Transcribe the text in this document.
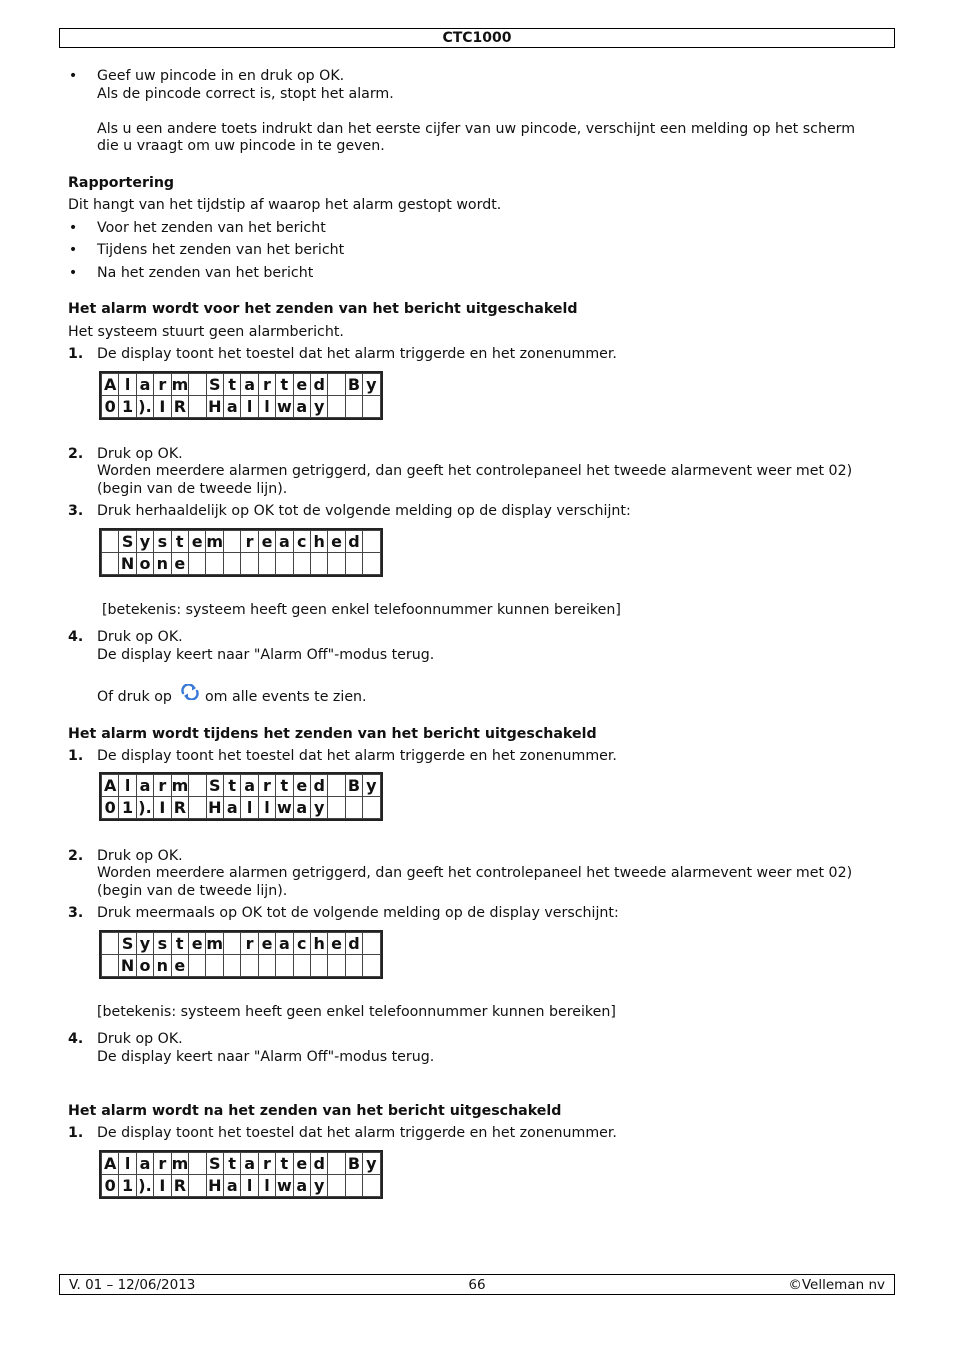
CTC1000
• Geef uw pincode in en druk op OK.
Als de pincode correct is, stopt het alarm.
Als u een andere toets indrukt dan het eerste cijfer van uw pincode, verschijnt een melding op het scherm
die u vraagt om uw pincode in te geven.
Rapportering
Dit hangt van het tijdstip af waarop het alarm gestopt wordt.
• Voor het zenden van het bericht
• Tijdens het zenden van het bericht
• Na het zenden van het bericht
Het alarm wordt voor het zenden van het bericht uitgeschakeld
Het systeem stuurt geen alarmbericht.
1. De display toont het toestel dat het alarm triggerde en het zonenummer.
A	l	a	r	m		S	t	a	r	t	e	d		B	y
0	1	).	I	R		H	a	l	l	w	a	y			
2. Druk op OK.
Worden meerdere alarmen getriggerd, dan geeft het controlepaneel het tweede alarmevent weer met 02)
(begin van de tweede lijn).
3. Druk herhaaldelijk op OK tot de volgende melding op de display verschijnt:
	S	y	s	t	e	m		r	e	a	c	h	e	d	
	N	o	n	e											
[betekenis: systeem heeft geen enkel telefoonnummer kunnen bereiken]
4. Druk op OK.
De display keert naar "Alarm Off"-modus terug.
Of druk op om alle events te zien.
Het alarm wordt tijdens het zenden van het bericht uitgeschakeld
1. De display toont het toestel dat het alarm triggerde en het zonenummer.
A	l	a	r	m		S	t	a	r	t	e	d		B	y
0	1	).	I	R		H	a	l	l	w	a	y			
2. Druk op OK.
Worden meerdere alarmen getriggerd, dan geeft het controlepaneel het tweede alarmevent weer met 02)
(begin van de tweede lijn).
3. Druk meermaals op OK tot de volgende melding op de display verschijnt:
	S	y	s	t	e	m		r	e	a	c	h	e	d	
	N	o	n	e											
[betekenis: systeem heeft geen enkel telefoonnummer kunnen bereiken]
4. Druk op OK.
De display keert naar "Alarm Off"-modus terug.
Het alarm wordt na het zenden van het bericht uitgeschakeld
1. De display toont het toestel dat het alarm triggerde en het zonenummer.
A	l	a	r	m		S	t	a	r	t	e	d		B	y
0	1	).	I	R		H	a	l	l	w	a	y			
V. 01 – 12/06/2013	66	©Velleman nv
